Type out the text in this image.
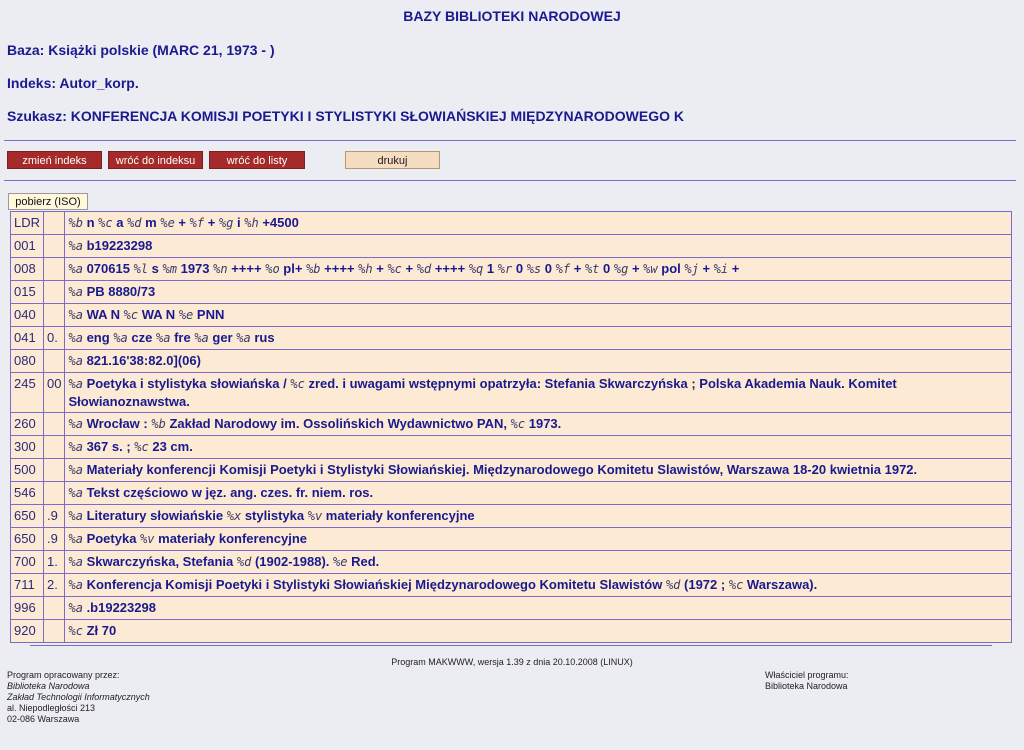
BAZY BIBLIOTEKI NARODOWEJ
Baza: Książki polskie (MARC 21, 1973 - )
Indeks: Autor_korp.
Szukasz: KONFERENCJA KOMISJI POETYKI I STYLISTYKI SŁOWIAŃSKIEJ MIĘDZYNARODOWEGO K
zmień indeks	wróć do indeksu	wróć do listy	drukuj
pobierz (ISO)
LDR		%b n %c a %d m %e + %f + %g i %h +4500
001		%a b19223298
008		%a 070615 %l s %m 1973 %n ++++ %o pl+ %b ++++ %h + %c + %d ++++ %q 1 %r 0 %s 0 %f + %t 0 %g + %w pol %j + %i +
015		%a PB 8880/73
040		%a WA N %c WA N %e PNN
041	0.	%a eng %a cze %a fre %a ger %a rus
080		%a 821.16'38:82.0](06)
245	00	%a Poetyka i stylistyka słowiańska / %c zred. i uwagami wstępnymi opatrzyła: Stefania Skwarczyńska ; Polska Akademia Nauk. Komitet Słowianoznawstwa.
260		%a Wrocław : %b Zakład Narodowy im. Ossolińskich Wydawnictwo PAN, %c 1973.
300		%a 367 s. ; %c 23 cm.
500		%a Materiały konferencji Komisji Poetyki i Stylistyki Słowiańskiej. Międzynarodowego Komitetu Slawistów, Warszawa 18-20 kwietnia 1972.
546		%a Tekst częściowo w jęz. ang. czes. fr. niem. ros.
650	.9	%a Literatury słowiańskie %x stylistyka %v materiały konferencyjne
650	.9	%a Poetyka %v materiały konferencyjne
700	1.	%a Skwarczyńska, Stefania %d (1902-1988). %e Red.
711	2.	%a Konferencja Komisji Poetyki i Stylistyki Słowiańskiej Międzynarodowego Komitetu Slawistów %d (1972 ; %c Warszawa).
996		%a .b19223298
920		%c Zł 70
Program MAKWWW, wersja 1.39 z dnia 20.10.2008 (LINUX)
Program opracowany przez:
Biblioteka Narodowa
Zakład Technologii Informatycznych
al. Niepodległości 213
02-086 Warszawa
Właściciel programu:
Biblioteka Narodowa
